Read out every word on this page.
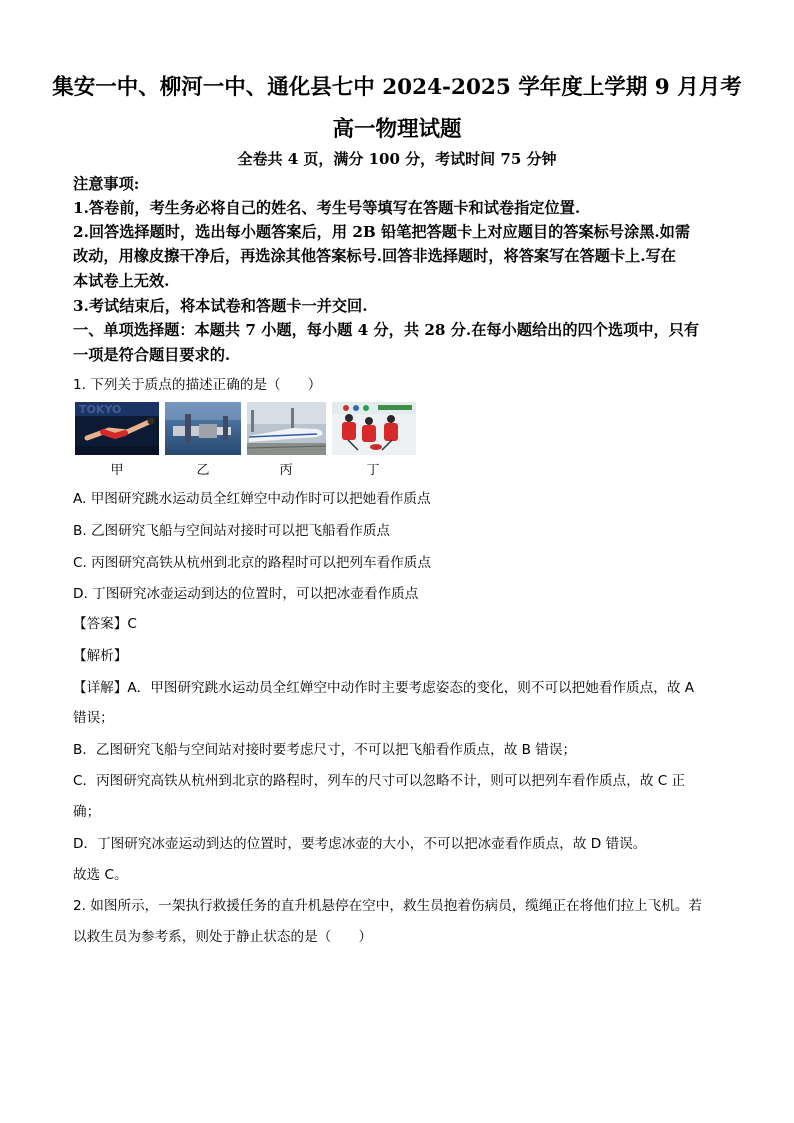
集安一中、柳河一中、通化县七中 2024-2025 学年度上学期 9 月月考
高一物理试题
全卷共 4 页，满分 100 分，考试时间 75 分钟
注意事项:
1.答卷前，考生务必将自己的姓名、考生号等填写在答题卡和试卷指定位置.
2.回答选择题时，选出每小题答案后，用 2B 铅笔把答题卡上对应题目的答案标号涂黑.如需
改动，用橡皮擦干净后，再选涂其他答案标号.回答非选择题时，将答案写在答题卡上.写在
本试卷上无效.
3.考试结束后，将本试卷和答题卡一并交回.
一、单项选择题：本题共 7 小题，每小题 4 分，共 28 分.在每小题给出的四个选项中，只有
一项是符合题目要求的.
1. 下列关于质点的描述正确的是（　　）
TOKYO
甲	乙	丙	丁
A. 甲图研究跳水运动员全红婵空中动作时可以把她看作质点
B. 乙图研究飞船与空间站对接时可以把飞船看作质点
C. 丙图研究高铁从杭州到北京的路程时可以把列车看作质点
D. 丁图研究冰壶运动到达的位置时，可以把冰壶看作质点
【答案】C
【解析】
【详解】A．甲图研究跳水运动员全红婵空中动作时主要考虑姿态的变化，则不可以把她看作质点，故 A
错误；
B．乙图研究飞船与空间站对接时要考虑尺寸，不可以把飞船看作质点，故 B 错误；
C．丙图研究高铁从杭州到北京的路程时，列车的尺寸可以忽略不计，则可以把列车看作质点，故 C 正
确；
D．丁图研究冰壶运动到达的位置时，要考虑冰壶的大小，不可以把冰壶看作质点，故 D 错误。
故选 C。
2. 如图所示，一架执行救援任务的直升机悬停在空中，救生员抱着伤病员，缆绳正在将他们拉上飞机。若
以救生员为参考系，则处于静止状态的是（　　）
